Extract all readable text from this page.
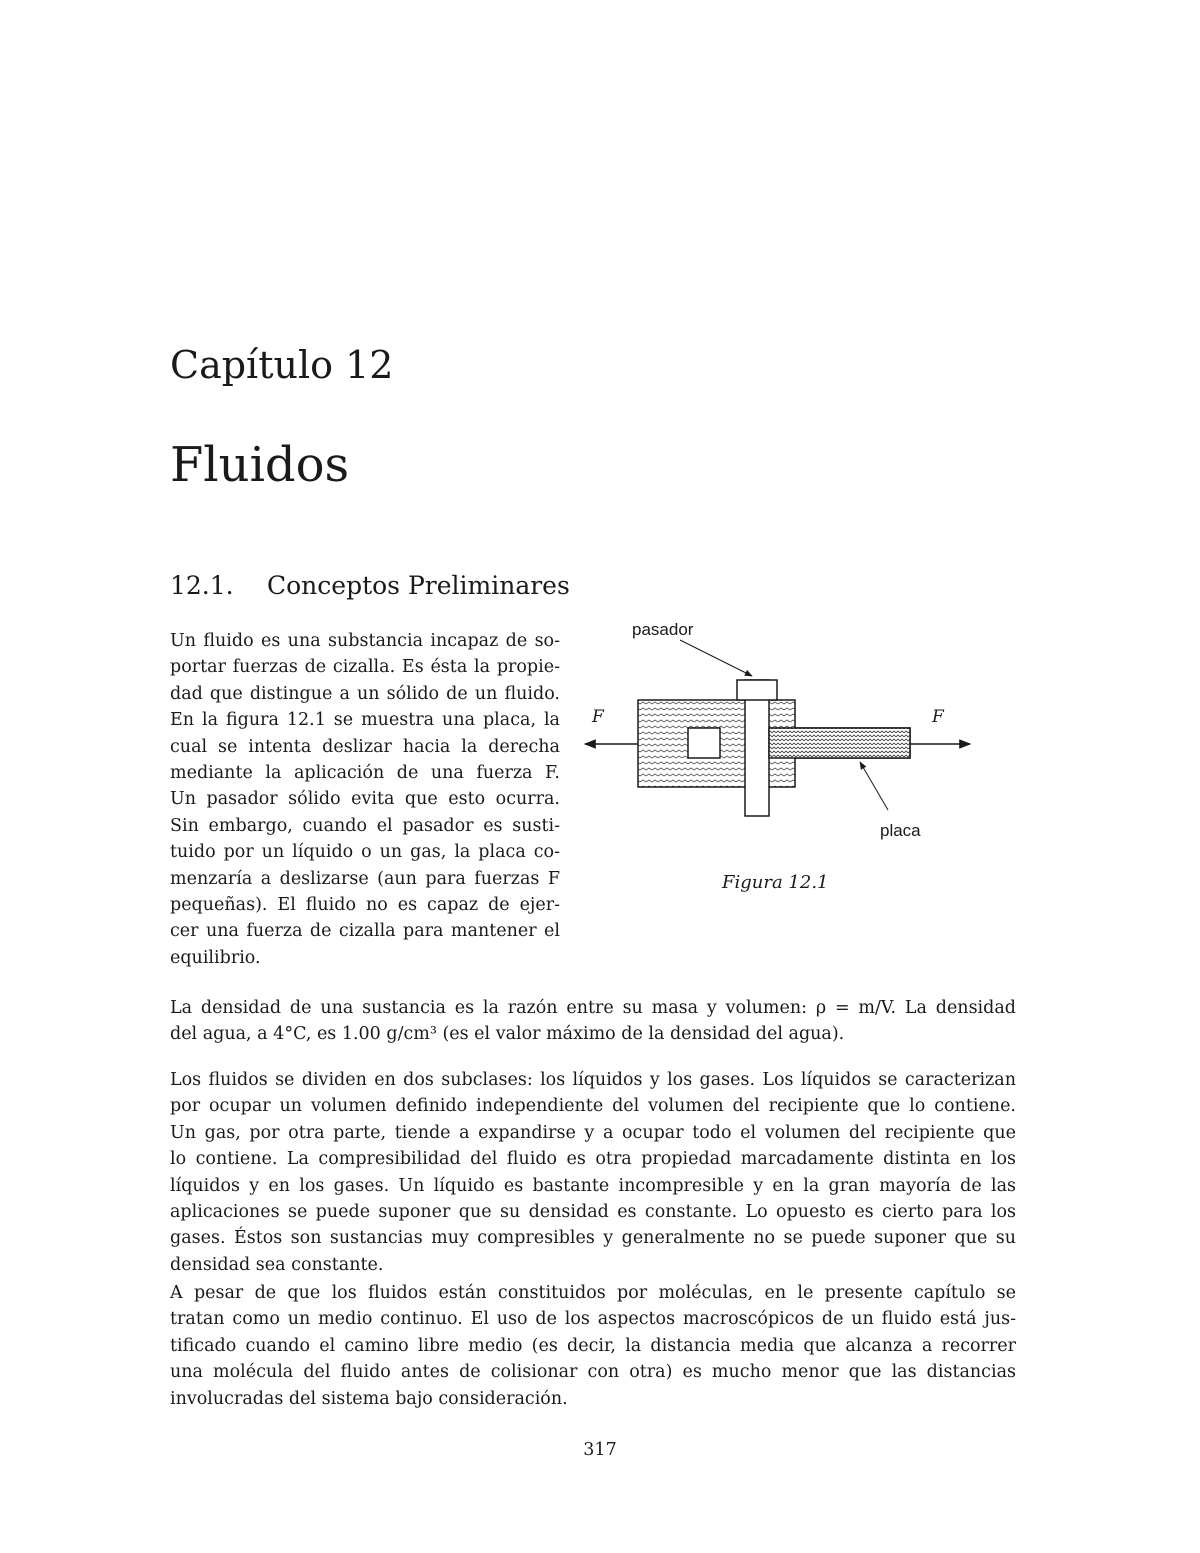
Capítulo 12
Fluidos
12.1. Conceptos Preliminares

Un fluido es una substancia incapaz de so-
portar fuerzas de cizalla. Es ésta la propie-
dad que distingue a un sólido de un fluido.
En la figura 12.1 se muestra una placa, la
cual se intenta deslizar hacia la derecha
mediante la aplicación de una fuerza F.
Un pasador sólido evita que esto ocurra.
Sin embargo, cuando el pasador es susti-
tuido por un líquido o un gas, la placa co-
menzaría a deslizarse (aun para fuerzas F
pequeñas). El fluido no es capaz de ejer-
cer una fuerza de cizalla para mantener el
equilibrio.

pasador
placa
F	F
Figura 12.1

La densidad de una sustancia es la razón entre su masa y volumen: ρ = m/V. La densidad
del agua, a 4°C, es 1.00 g/cm³ (es el valor máximo de la densidad del agua).

Los fluidos se dividen en dos subclases: los líquidos y los gases. Los líquidos se caracterizan
por ocupar un volumen definido independiente del volumen del recipiente que lo contiene.
Un gas, por otra parte, tiende a expandirse y a ocupar todo el volumen del recipiente que
lo contiene. La compresibilidad del fluido es otra propiedad marcadamente distinta en los
líquidos y en los gases. Un líquido es bastante incompresible y en la gran mayoría de las
aplicaciones se puede suponer que su densidad es constante. Lo opuesto es cierto para los
gases. Éstos son sustancias muy compresibles y generalmente no se puede suponer que su
densidad sea constante.

A pesar de que los fluidos están constituidos por moléculas, en le presente capítulo se
tratan como un medio continuo. El uso de los aspectos macroscópicos de un fluido está jus-
tificado cuando el camino libre medio (es decir, la distancia media que alcanza a recorrer
una molécula del fluido antes de colisionar con otra) es mucho menor que las distancias
involucradas del sistema bajo consideración.

317
